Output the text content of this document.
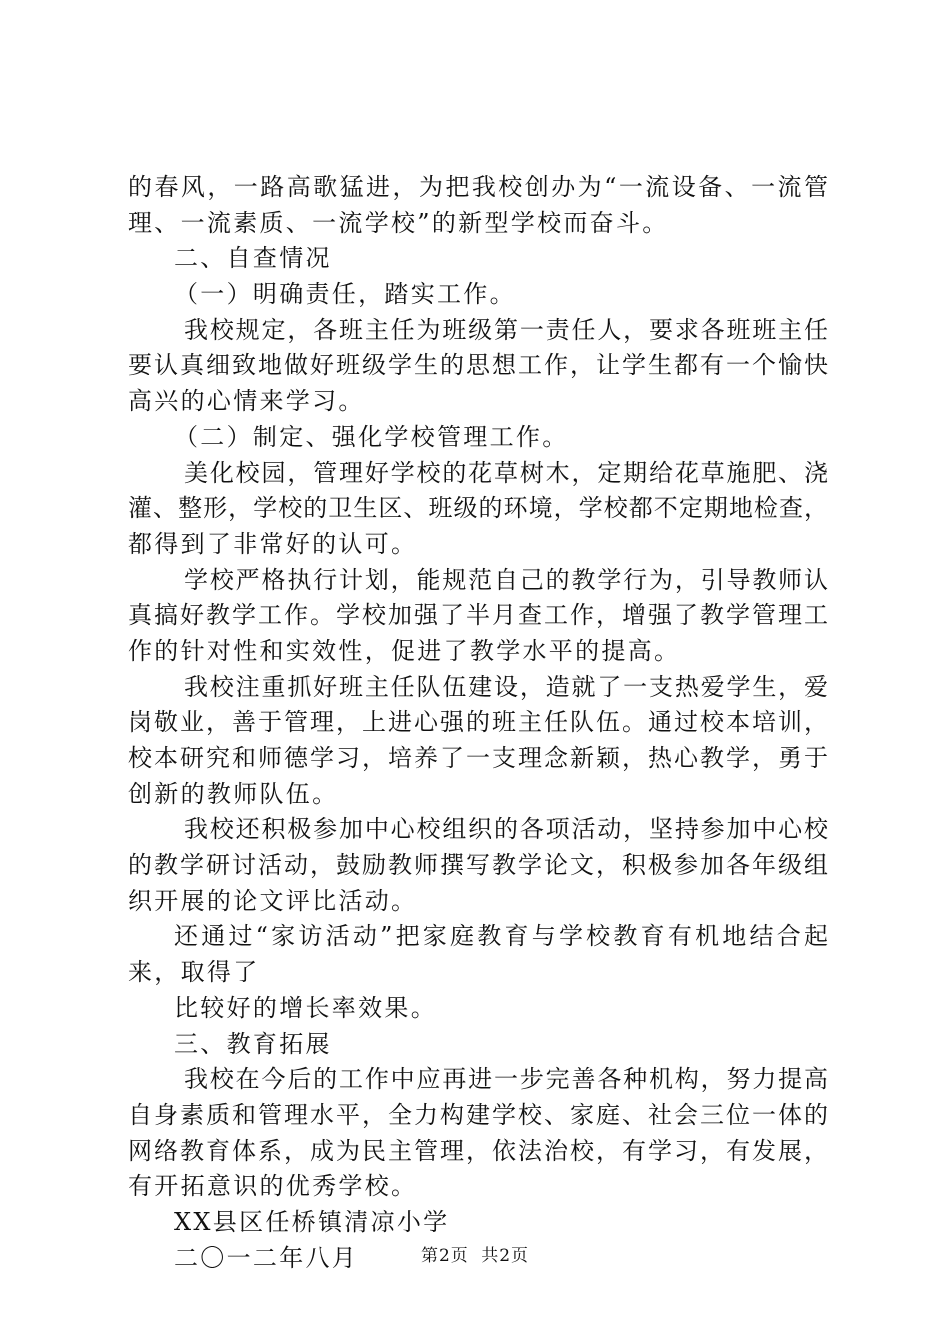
的春风，一路高歌猛进，为把我校创办为“一流设备、一流管
理、一流素质、一流学校”的新型学校而奋斗。
二、自查情况
（一）明确责任，踏实工作。
我校规定，各班主任为班级第一责任人，要求各班班主任
要认真细致地做好班级学生的思想工作，让学生都有一个愉快
高兴的心情来学习。
（二）制定、强化学校管理工作。
美化校园，管理好学校的花草树木，定期给花草施肥、浇
灌、整形，学校的卫生区、班级的环境，学校都不定期地检查，
都得到了非常好的认可。
学校严格执行计划，能规范自己的教学行为，引导教师认
真搞好教学工作。学校加强了半月查工作，增强了教学管理工
作的针对性和实效性，促进了教学水平的提高。
我校注重抓好班主任队伍建设，造就了一支热爱学生，爱
岗敬业，善于管理，上进心强的班主任队伍。通过校本培训，
校本研究和师德学习，培养了一支理念新颖，热心教学，勇于
创新的教师队伍。
我校还积极参加中心校组织的各项活动，坚持参加中心校
的教学研讨活动，鼓励教师撰写教学论文，积极参加各年级组
织开展的论文评比活动。
还通过“家访活动”把家庭教育与学校教育有机地结合起
来，取得了
比较好的增长率效果。
三、教育拓展
我校在今后的工作中应再进一步完善各种机构，努力提高
自身素质和管理水平，全力构建学校、家庭、社会三位一体的
网络教育体系，成为民主管理，依法治校，有学习，有发展，
有开拓意识的优秀学校。
XX县区任桥镇清凉小学
二〇一二年八月	第2页 共2页
